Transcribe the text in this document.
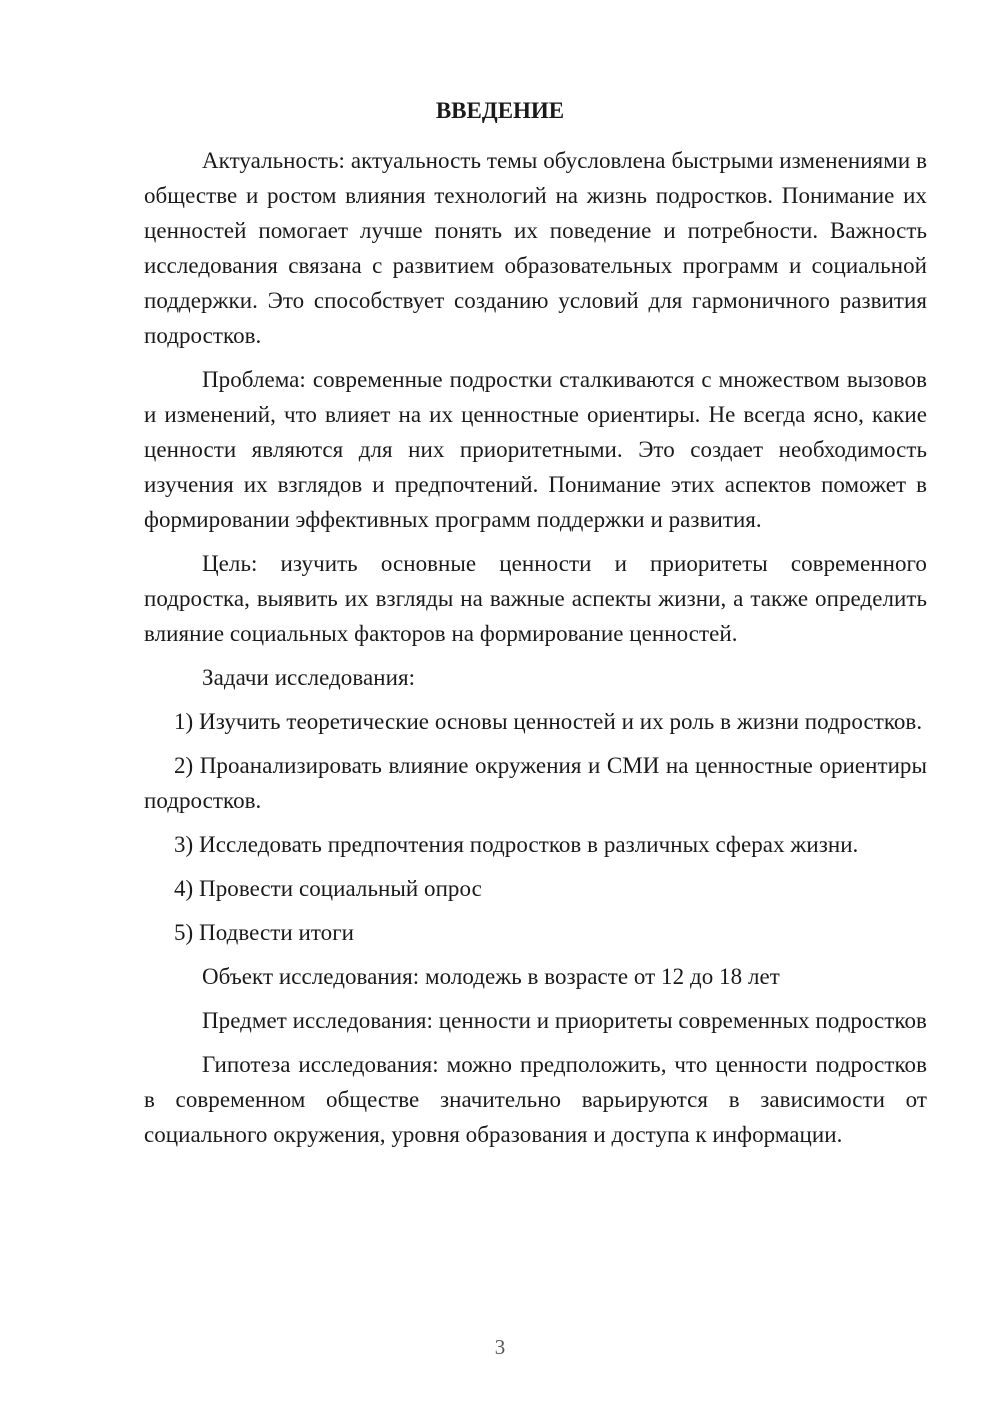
ВВЕДЕНИЕ

Актуальность: актуальность темы обусловлена быстрыми изменениями в обществе и ростом влияния технологий на жизнь подростков. Понимание их ценностей помогает лучше понять их поведение и потребности. Важность исследования связана с развитием образовательных программ и социальной поддержки. Это способствует созданию условий для гармоничного развития подростков.

Проблема: современные подростки сталкиваются с множеством вызовов и изменений, что влияет на их ценностные ориентиры. Не всегда ясно, какие ценности являются для них приоритетными. Это создает необходимость изучения их взглядов и предпочтений. Понимание этих аспектов поможет в формировании эффективных программ поддержки и развития.

Цель: изучить основные ценности и приоритеты современного подростка, выявить их взгляды на важные аспекты жизни, а также определить влияние социальных факторов на формирование ценностей.

Задачи исследования:

1) Изучить теоретические основы ценностей и их роль в жизни подростков.

2) Проанализировать влияние окружения и СМИ на ценностные ориентиры подростков.

3) Исследовать предпочтения подростков в различных сферах жизни.

4) Провести социальный опрос

5) Подвести итоги

Объект исследования: молодежь в возрасте от 12 до 18 лет

Предмет исследования: ценности и приоритеты современных подростков

Гипотеза исследования: можно предположить, что ценности подростков в современном обществе значительно варьируются в зависимости от социального окружения, уровня образования и доступа к информации.

3
